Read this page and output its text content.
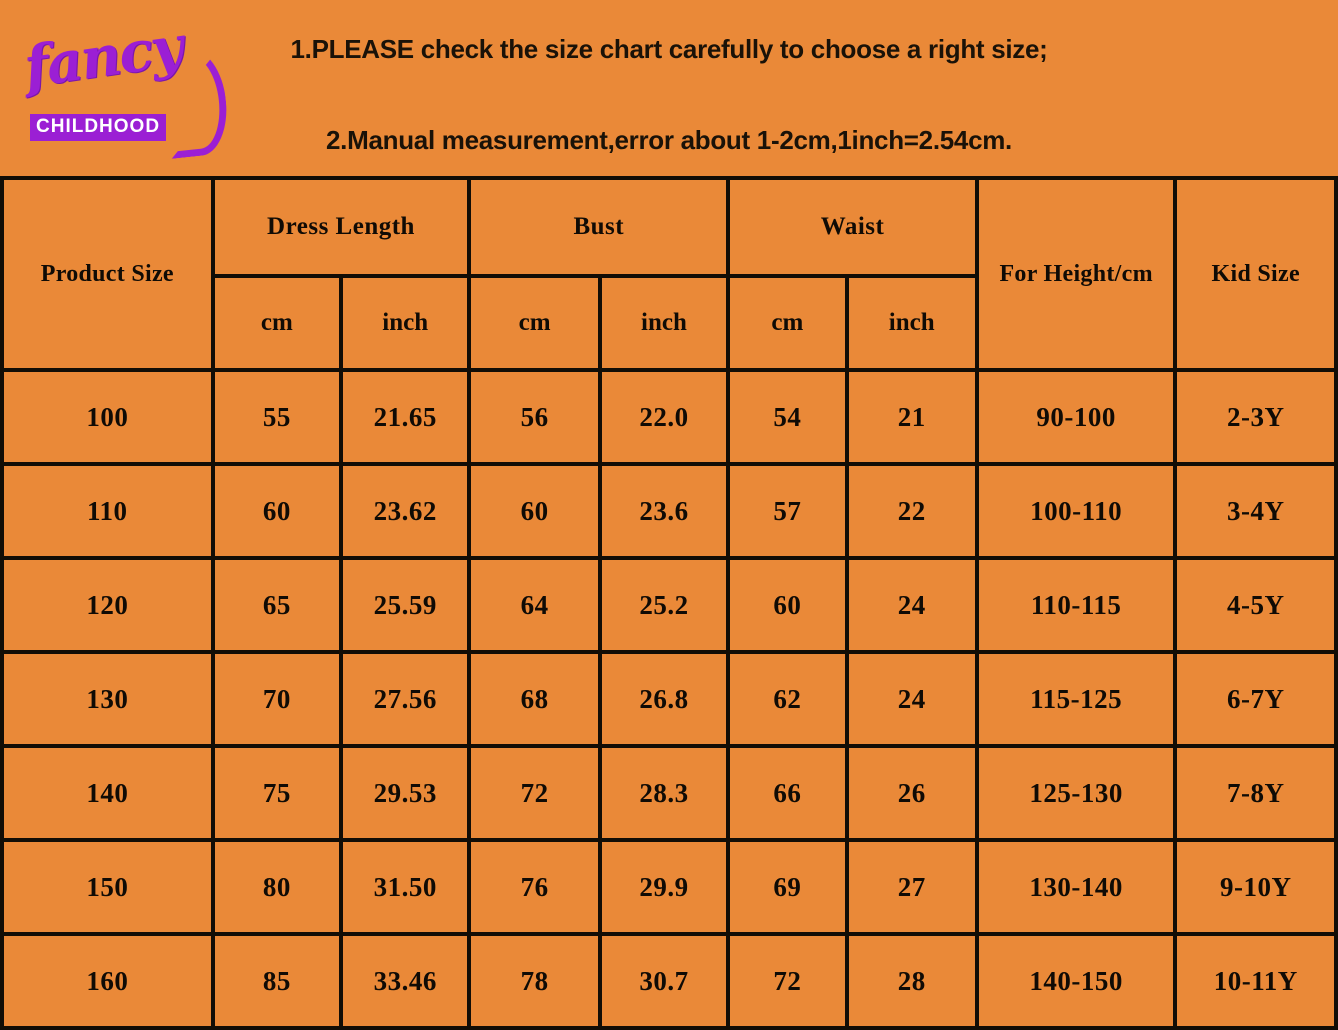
fancy
CHILDHOOD
1.PLEASE check the size chart carefully to choose a right size;
2.Manual measurement,error about 1-2cm,1inch=2.54cm.
Product Size	Dress Length		Bust		Waist		For Height/cm	Kid Size
	cm	inch	cm	inch	cm	inch		
100	55	21.65	56	22.0	54	21	90-100	2-3Y
110	60	23.62	60	23.6	57	22	100-110	3-4Y
120	65	25.59	64	25.2	60	24	110-115	4-5Y
130	70	27.56	68	26.8	62	24	115-125	6-7Y
140	75	29.53	72	28.3	66	26	125-130	7-8Y
150	80	31.50	76	29.9	69	27	130-140	9-10Y
160	85	33.46	78	30.7	72	28	140-150	10-11Y
